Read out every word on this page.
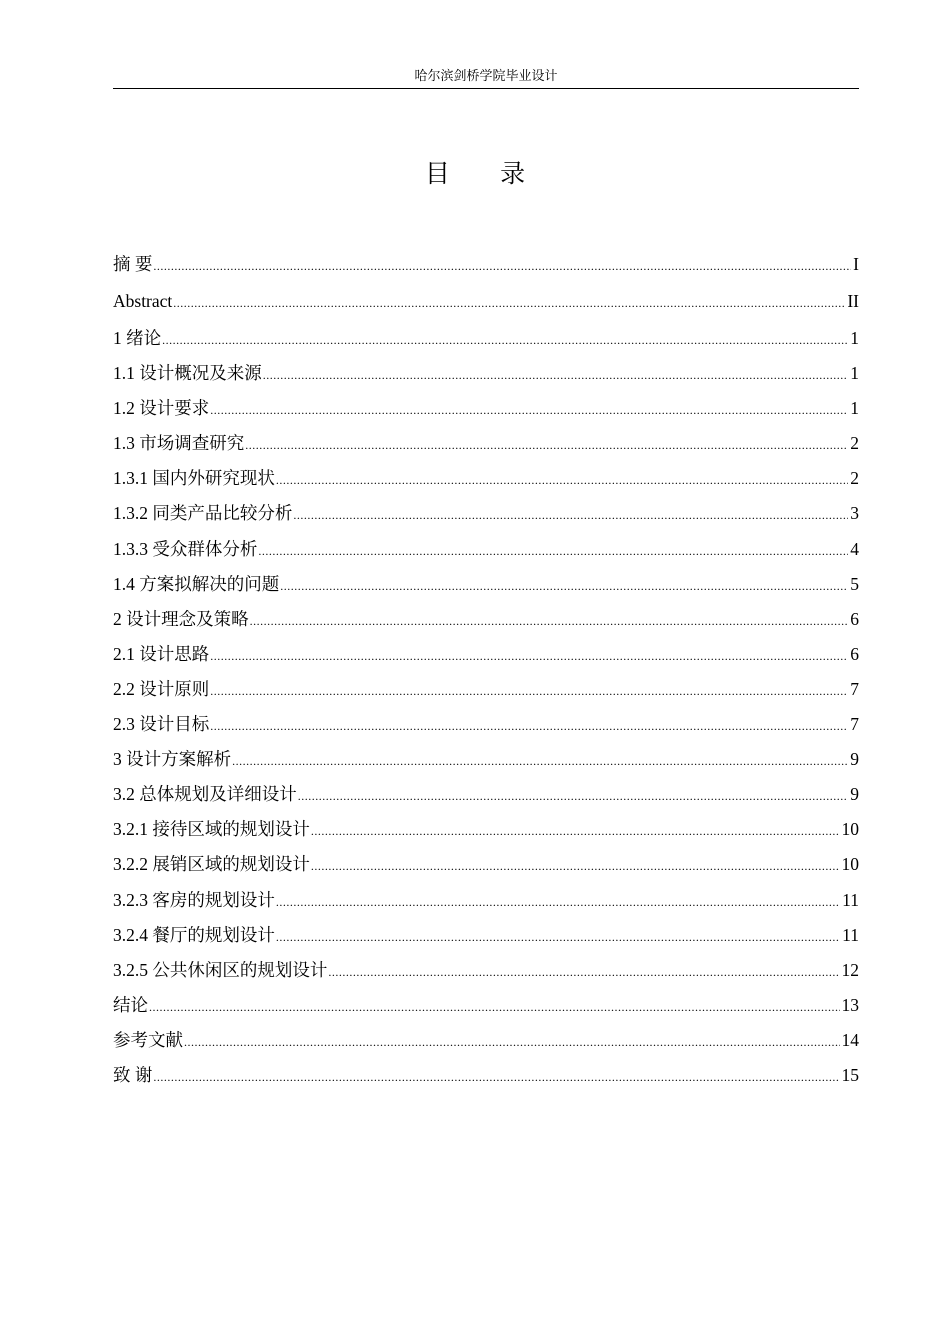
哈尔滨剑桥学院毕业设计
目 录
摘 要 .....	I
Abstract .....	II
1 绪论 .....	1
1.1 设计概况及来源 .....	1
1.2 设计要求 .....	1
1.3 市场调查研究 .....	2
1.3.1 国内外研究现状 .....	2
1.3.2 同类产品比较分析 .....	3
1.3.3 受众群体分析 .....	4
1.4 方案拟解决的问题 .....	5
2 设计理念及策略 .....	6
2.1 设计思路 .....	6
2.2 设计原则 .....	7
2.3 设计目标 .....	7
3 设计方案解析 .....	9
3.2 总体规划及详细设计 .....	9
3.2.1 接待区域的规划设计 .....	10
3.2.2 展销区域的规划设计 .....	10
3.2.3 客房的规划设计 .....	11
3.2.4 餐厅的规划设计 .....	11
3.2.5 公共休闲区的规划设计 .....	12
结论 .....	13
参考文献 .....	14
致 谢 .....	15
